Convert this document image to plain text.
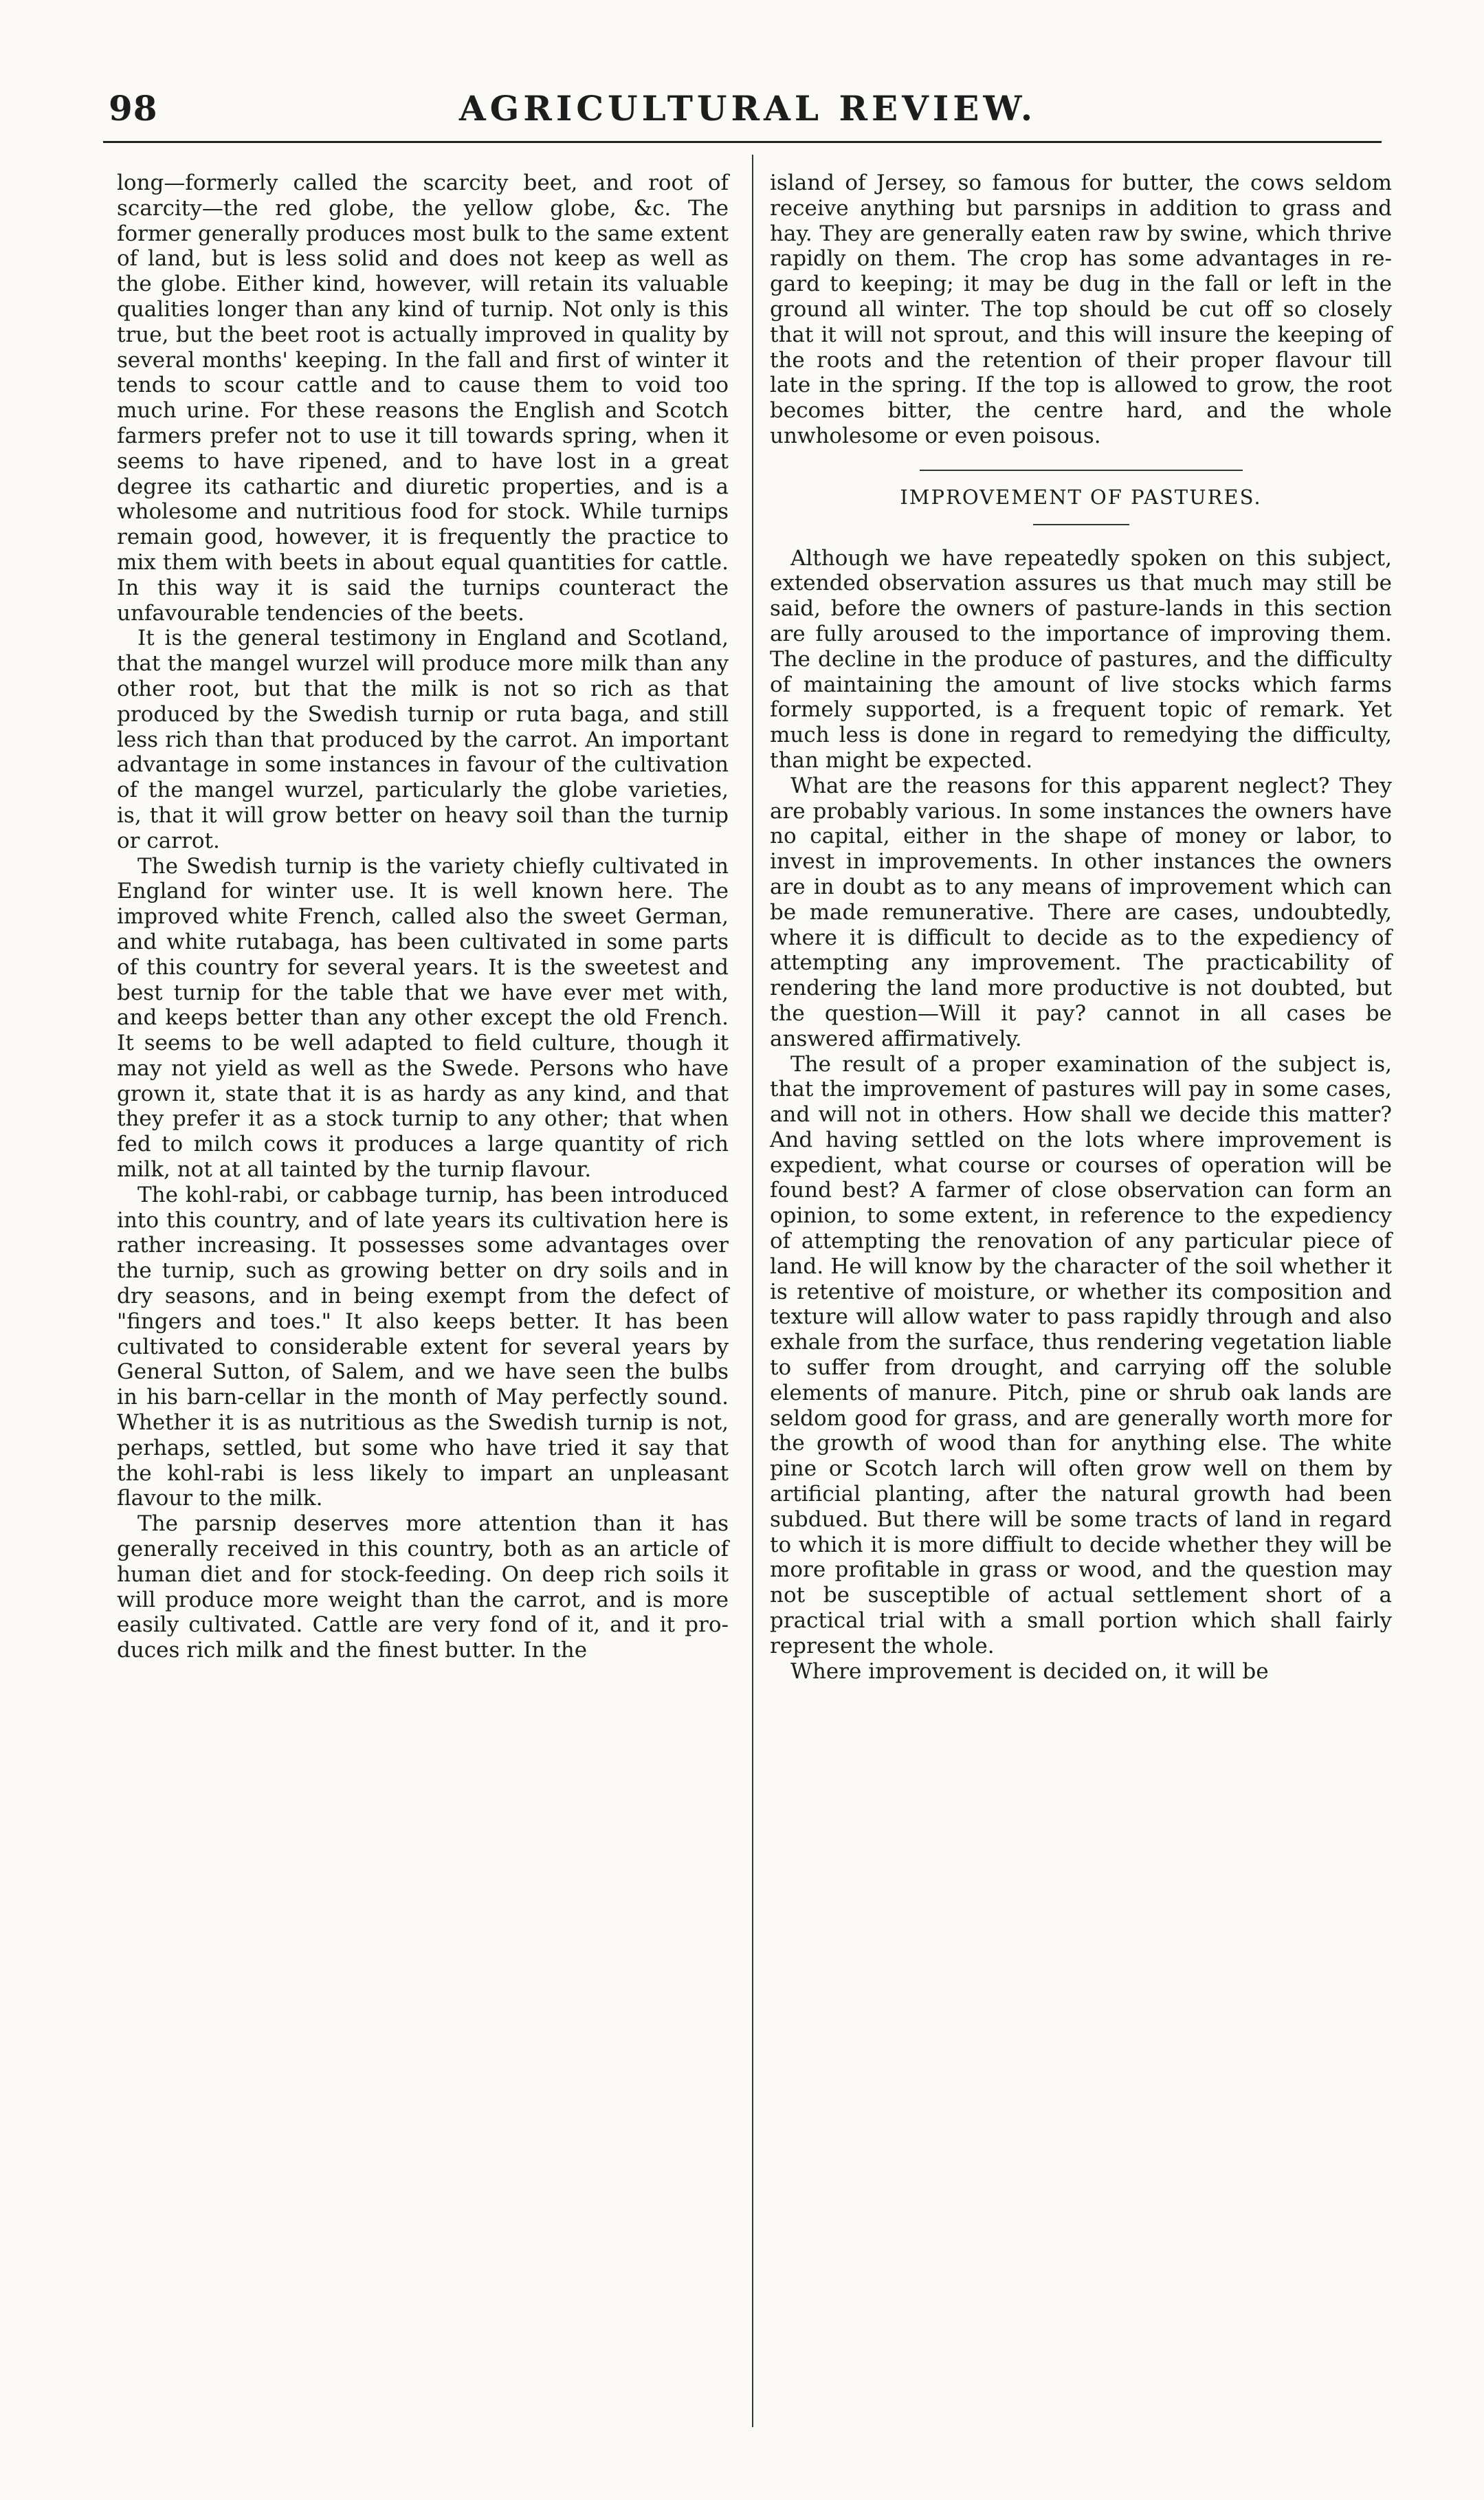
98	AGRICULTURAL REVIEW.

long—formerly called the scarcity beet, and root of scarcity—the red globe, the yellow globe, &c. The former generally produces most bulk to the same extent of land, but is less solid and does not keep as well as the globe. Either kind, however, will retain its valuable qualities longer than any kind of turnip. Not only is this true, but the beet root is actually improved in quality by several months' keeping. In the fall and first of winter it tends to scour cattle and to cause them to void too much urine. For these reasons the English and Scotch farmers prefer not to use it till towards spring, when it seems to have ripened, and to have lost in a great degree its cathartic and diuretic properties, and is a wholesome and nutritious food for stock. While turnips remain good, however, it is frequently the practice to mix them with beets in about equal quantities for cattle. In this way it is said the turnips counteract the unfavourable tendencies of the beets.

It is the general testimony in England and Scotland, that the mangel wurzel will produce more milk than any other root, but that the milk is not so rich as that produced by the Swedish turnip or ruta baga, and still less rich than that produced by the carrot. An important advantage in some instances in favour of the cultivation of the mangel wurzel, particularly the globe varieties, is, that it will grow better on heavy soil than the turnip or carrot.

The Swedish turnip is the variety chiefly cultivated in England for winter use. It is well known here. The improved white French, called also the sweet German, and white rutabaga, has been cultivated in some parts of this country for several years. It is the sweetest and best turnip for the table that we have ever met with, and keeps better than any other except the old French. It seems to be well adapted to field culture, though it may not yield as well as the Swede. Persons who have grown it, state that it is as hardy as any kind, and that they prefer it as a stock turnip to any other; that when fed to milch cows it produces a large quantity of rich milk, not at all tainted by the turnip flavour.

The kohl-rabi, or cabbage turnip, has been introduced into this country, and of late years its cultivation here is rather increasing. It possesses some advantages over the turnip, such as growing better on dry soils and in dry seasons, and in being exempt from the defect of "fingers and toes." It also keeps better. It has been cultivated to considerable extent for several years by General Sutton, of Salem, and we have seen the bulbs in his barn-cellar in the month of May perfectly sound. Whether it is as nutritious as the Swedish turnip is not, perhaps, settled, but some who have tried it say that the kohl-rabi is less likely to impart an unpleasant flavour to the milk.

The parsnip deserves more attention than it has generally received in this country, both as an article of human diet and for stock-feeding. On deep rich soils it will produce more weight than the carrot, and is more easily cultivated. Cattle are very fond of it, and it produces rich milk and the finest butter. In the

island of Jersey, so famous for butter, the cows seldom receive anything but parsnips in addition to grass and hay. They are generally eaten raw by swine, which thrive rapidly on them. The crop has some advantages in regard to keeping; it may be dug in the fall or left in the ground all winter. The top should be cut off so closely that it will not sprout, and this will insure the keeping of the roots and the retention of their proper flavour till late in the spring. If the top is allowed to grow, the root becomes bitter, the centre hard, and the whole unwholesome or even poisous.

IMPROVEMENT OF PASTURES.

Although we have repeatedly spoken on this subject, extended observation assures us that much may still be said, before the owners of pasture-lands in this section are fully aroused to the importance of improving them. The decline in the produce of pastures, and the difficulty of maintaining the amount of live stocks which farms formely supported, is a frequent topic of remark. Yet much less is done in regard to remedying the difficulty, than might be expected.

What are the reasons for this apparent neglect? They are probably various. In some instances the owners have no capital, either in the shape of money or labor, to invest in improvements. In other instances the owners are in doubt as to any means of improvement which can be made remunerative. There are cases, undoubtedly, where it is difficult to decide as to the expediency of attempting any improvement. The practicability of rendering the land more productive is not doubted, but the question—Will it pay? cannot in all cases be answered affirmatively.

The result of a proper examination of the subject is, that the improvement of pastures will pay in some cases, and will not in others. How shall we decide this matter? And having settled on the lots where improvement is expedient, what course or courses of operation will be found best? A farmer of close observation can form an opinion, to some extent, in reference to the expediency of attempting the renovation of any particular piece of land. He will know by the character of the soil whether it is retentive of moisture, or whether its composition and texture will allow water to pass rapidly through and also exhale from the surface, thus rendering vegetation liable to suffer from drought, and carrying off the soluble elements of manure. Pitch, pine or shrub oak lands are seldom good for grass, and are generally worth more for the growth of wood than for anything else. The white pine or Scotch larch will often grow well on them by artificial planting, after the natural growth had been subdued. But there will be some tracts of land in regard to which it is more diffiult to decide whether they will be more profitable in grass or wood, and the question may not be susceptible of actual settlement short of a practical trial with a small portion which shall fairly represent the whole.

Where improvement is decided on, it will be
